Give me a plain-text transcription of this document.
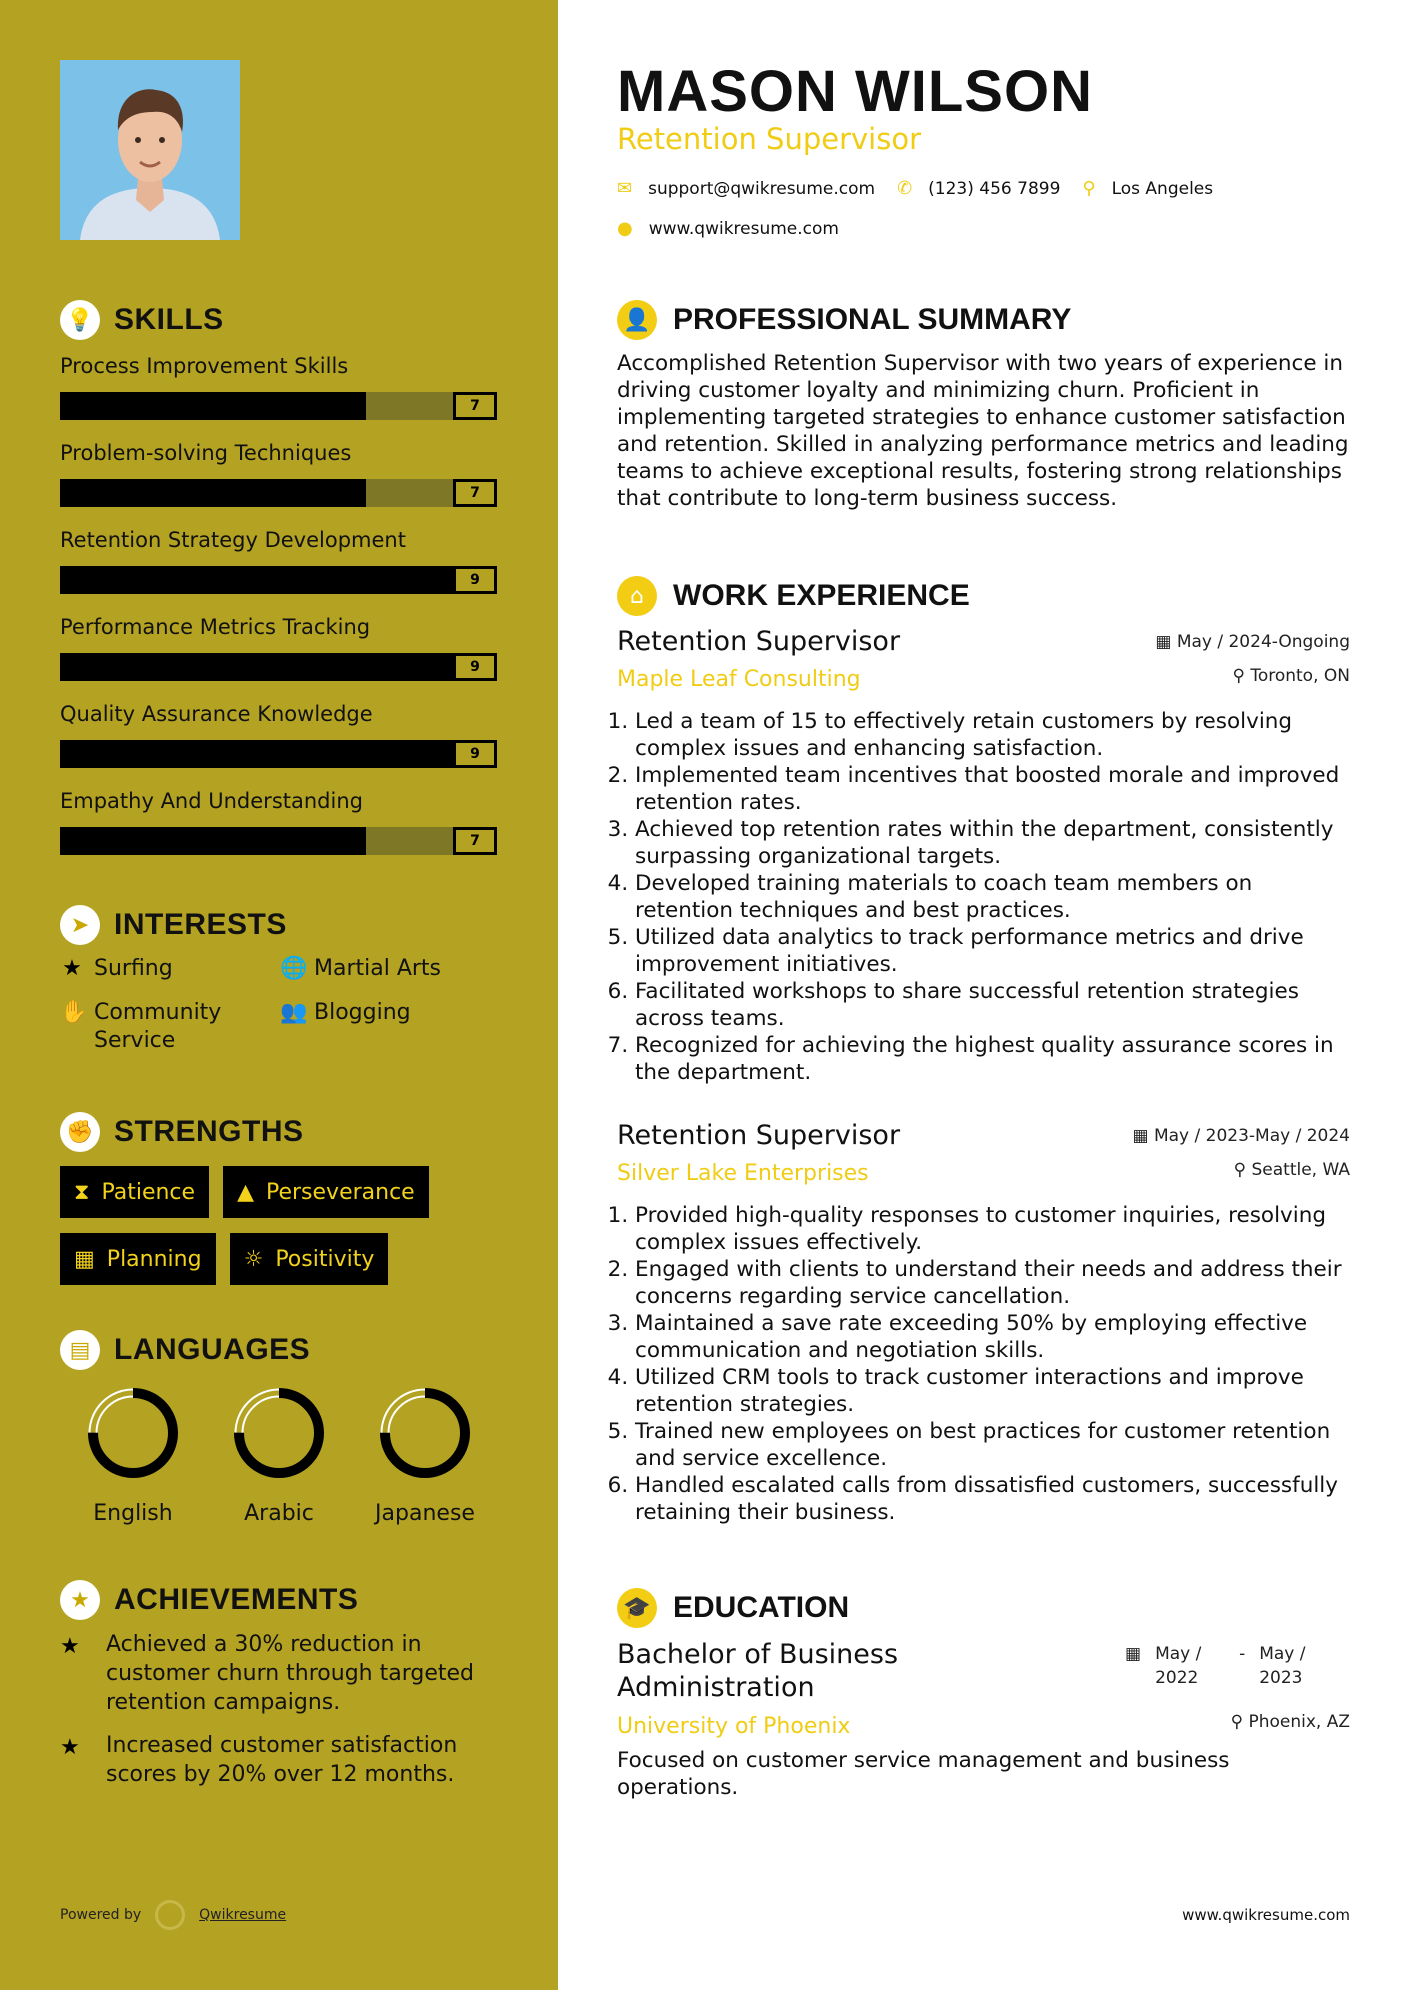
💡 SKILLS
Process Improvement Skills
7
Problem-solving Techniques
7
Retention Strategy Development
9
Performance Metrics Tracking
9
Quality Assurance Knowledge
9
Empathy And Understanding
7
➤ INTERESTS
★ Surfing	🌐 Martial Arts
✋ Community Service
👥 Blogging
✊ STRENGTHS
⧗ Patience ▲ Perseverance
▦ Planning ☼ Positivity
▤ LANGUAGES
English	Arabic	Japanese
★ ACHIEVEMENTS
★	Achieved a 30% reduction in customer churn through targeted retention campaigns.
★	Increased customer satisfaction scores by 20% over 12 months.
Powered by	Qwikresume
MASON WILSON
Retention Supervisor
✉ support@qwikresume.com ✆ (123) 456 7899 ⚲ Los Angeles
● www.qwikresume.com
👤 PROFESSIONAL SUMMARY
Accomplished Retention Supervisor with two years of experience in driving customer loyalty and minimizing churn. Proficient in implementing targeted strategies to enhance customer satisfaction and retention. Skilled in analyzing performance metrics and leading teams to achieve exceptional results, fostering strong relationships that contribute to long-term business success.
⌂ WORK EXPERIENCE
Retention Supervisor
Maple Leaf Consulting
▦ May / 2024-Ongoing
⚲ Toronto, ON
1. Led a team of 15 to effectively retain customers by resolving complex issues and enhancing satisfaction.
2. Implemented team incentives that boosted morale and improved retention rates.
3. Achieved top retention rates within the department, consistently surpassing organizational targets.
4. Developed training materials to coach team members on retention techniques and best practices.
5. Utilized data analytics to track performance metrics and drive improvement initiatives.
6. Facilitated workshops to share successful retention strategies across teams.
7. Recognized for achieving the highest quality assurance scores in the department.
Retention Supervisor
Silver Lake Enterprises
▦ May / 2023-May / 2024
⚲ Seattle, WA
1. Provided high-quality responses to customer inquiries, resolving complex issues effectively.
2. Engaged with clients to understand their needs and address their concerns regarding service cancellation.
3. Maintained a save rate exceeding 50% by employing effective communication and negotiation skills.
4. Utilized CRM tools to track customer interactions and improve retention strategies.
5. Trained new employees on best practices for customer retention and service excellence.
6. Handled escalated calls from dissatisfied customers, successfully retaining their business.
🎓 EDUCATION
Bachelor of Business Administration
University of Phoenix
▦ May / 2022
- May / 2023
⚲ Phoenix, AZ
Focused on customer service management and business operations.
www.qwikresume.com
